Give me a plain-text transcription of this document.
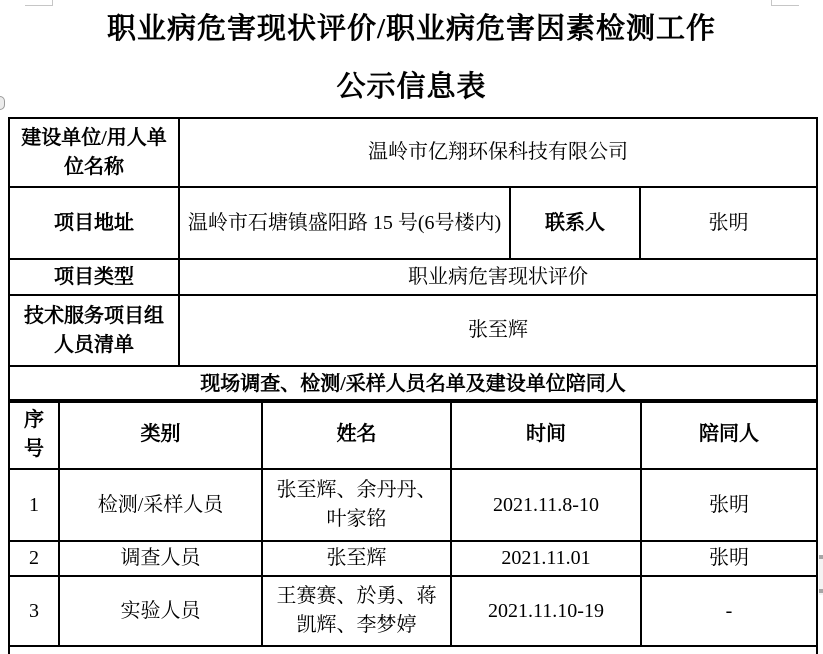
职业病危害现状评价/职业病危害因素检测工作
公示信息表
建设单位/用人单位名称	温岭市亿翔环保科技有限公司		
项目地址	温岭市石塘镇盛阳路 15 号(6号楼内)	联系人	张明
项目类型	职业病危害现状评价		
技术服务项目组人员清单	张至辉		
现场调查、检测/采样人员名单及建设单位陪同人			
序号	类别	姓名	时间	陪同人
1	检测/采样人员	张至辉、余丹丹、叶家铭	2021.11.8-10	张明
2	调查人员	张至辉	2021.11.01	张明
3	实验人员	王赛赛、於勇、蒋凯辉、李梦婷	2021.11.10-19	-
